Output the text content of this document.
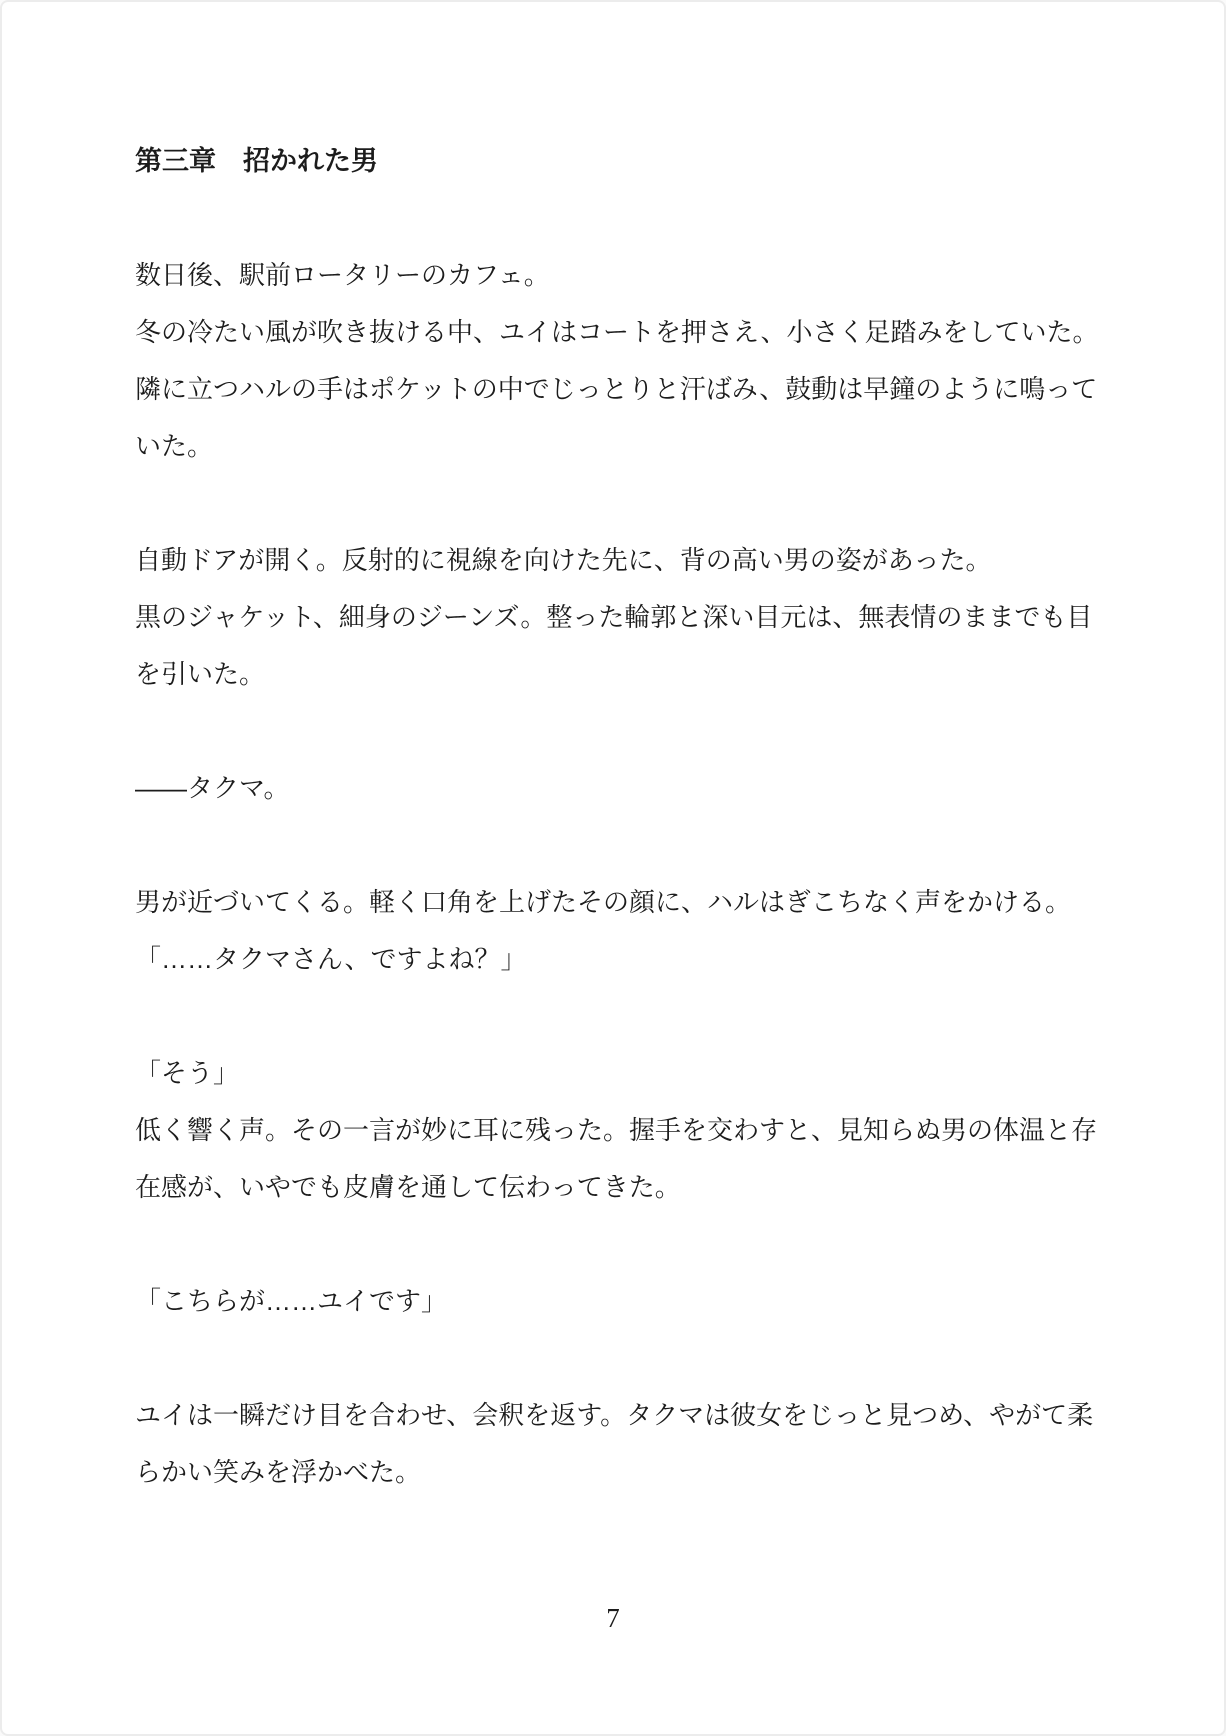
第三章　招かれた男
数日後、駅前ロータリーのカフェ。
冬の冷たい風が吹き抜ける中、ユイはコートを押さえ、小さく足踏みをしていた。
隣に立つハルの手はポケットの中でじっとりと汗ばみ、鼓動は早鐘のように鳴って
いた。
自動ドアが開く。反射的に視線を向けた先に、背の高い男の姿があった。
黒のジャケット、細身のジーンズ。整った輪郭と深い目元は、無表情のままでも目
を引いた。
——タクマ。
男が近づいてくる。軽く口角を上げたその顔に、ハルはぎこちなく声をかける。
「……タクマさん、ですよね？」
「そう」
低く響く声。その一言が妙に耳に残った。握手を交わすと、見知らぬ男の体温と存
在感が、いやでも皮膚を通して伝わってきた。
「こちらが……ユイです」
ユイは一瞬だけ目を合わせ、会釈を返す。タクマは彼女をじっと見つめ、やがて柔
らかい笑みを浮かべた。
7
